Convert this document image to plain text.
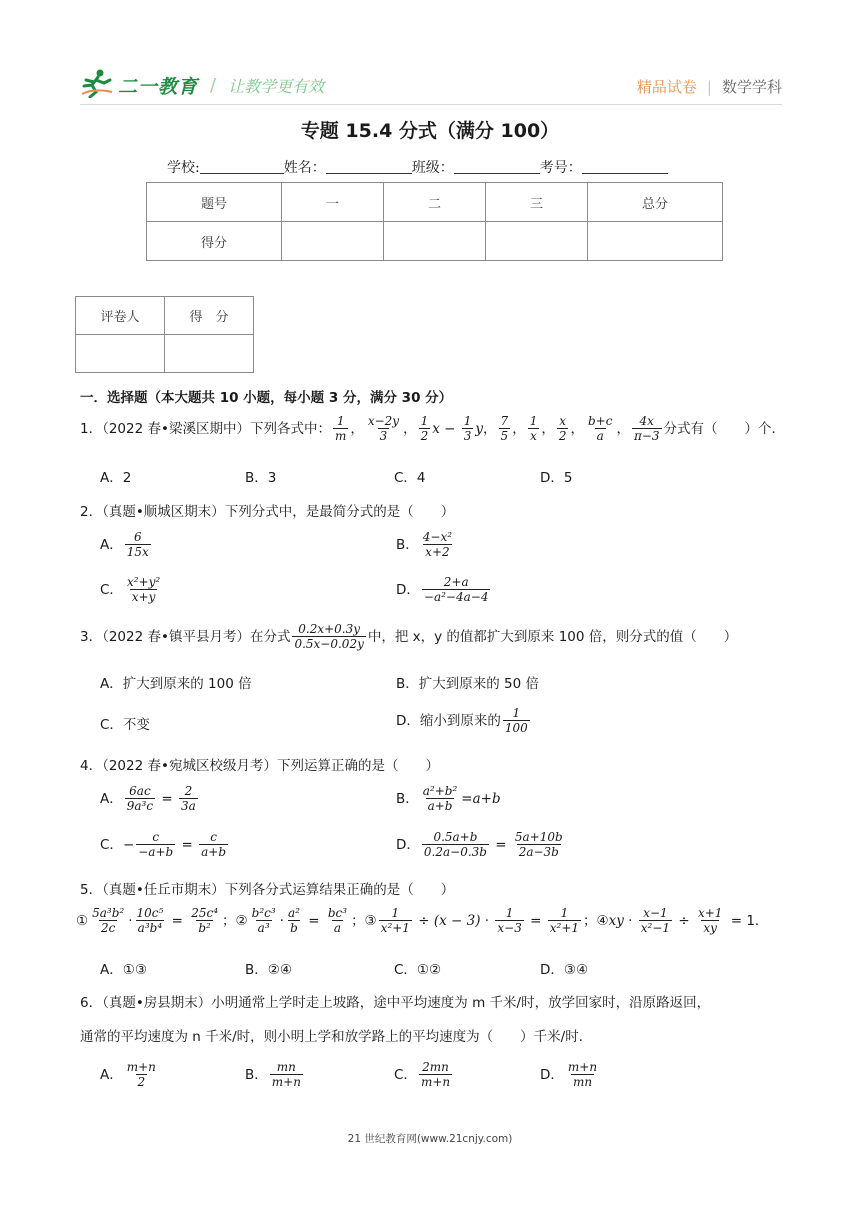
二一教育 / 让教学更有效	精品试卷 | 数学学科
专题 15.4 分式（满分 100）
学校:	姓名：	班级：	考号：
题号	一	二	三	总分
得分				
评卷人	得　分

一．选择题（本大题共 10 小题，每小题 3 分，满分 30 分）
1．（2022 春•梁溪区期中）下列各式中： $\frac{1}{m}$ ， $\frac{x-2y}{3}$ ， $\frac{1}{2}$ $x - \frac{1}{3}$ y， $\frac{7}{5}$ ， $\frac{1}{x}$ ， $\frac{x}{2}$ ， $\frac{b+c}{a}$ ， $\frac{4x}{\pi-3}$ 分式有（　　）个．
A．2	B．3	C．4	D．5
2．（真题•顺城区期末）下列分式中，是最简分式的是（　　）
A． $\frac{6}{15x}$	B． $\frac{\text{4−x²}}{x+2}$
C． $\frac{\text{x²+y²}}{x+y}$	D． $\frac{2+a}{\text{−a²−4a−4}}$
3．（2022 春•镇平县月考）在分式 $\frac{0.2x+0.3y}{0.5x-0.02y}$ 中，把 x，y 的值都扩大到原来 100 倍，则分式的值（　　）
A．扩大到原来的 100 倍	B．扩大到原来的 50 倍
C．不变	D．缩小到原来的 $\frac{1}{100}$
4．（2022 春•宛城区校级月考）下列运算正确的是（　　）
A． $\frac{6ac}{\text{9a³c}} = \frac{2}{3a}$	B． $\frac{\text{a²+b²}}{a+b} =a+b$
C．− $\frac{c}{-a+b} = \frac{c}{a+b}$	D． $\frac{0.5a+b}{0.2a-0.3b} = \frac{5a+10b}{2a-3b}$
5．（真题•任丘市期末）下列各分式运算结果正确的是（　　）
① $\frac{\text{5a³b²}}{2c} \cdot \frac{\text{10c⁵}}{\text{a³b⁴}} = \frac{\text{25c⁴}}{\text{b²}}$ ；② $\frac{\text{b²c³}}{\text{a³}} \cdot \frac{\text{a²}}{b} = \frac{\text{bc³}}{a}$ ；③ $\frac{1}{\text{x²+1}} \div (x - 3) \cdot \frac{1}{x-3} = \frac{1}{\text{x²+1}}$ ；④xy · $\frac{x-1}{\text{x²−1}} \div \frac{x+1}{xy} = 1$．
A．①③	B．②④	C．①②	D．③④
6．（真题•房县期末）小明通常上学时走上坡路，途中平均速度为 m 千米/时，放学回家时，沿原路返回，
通常的平均速度为 n 千米/时，则小明上学和放学路上的平均速度为（　　）千米/时．
A． $\frac{m+n}{2}$	B． $\frac{mn}{m+n}$	C． $\frac{2mn}{m+n}$	D． $\frac{m+n}{mn}$
21 世纪教育网(www.21cnjy.com)
